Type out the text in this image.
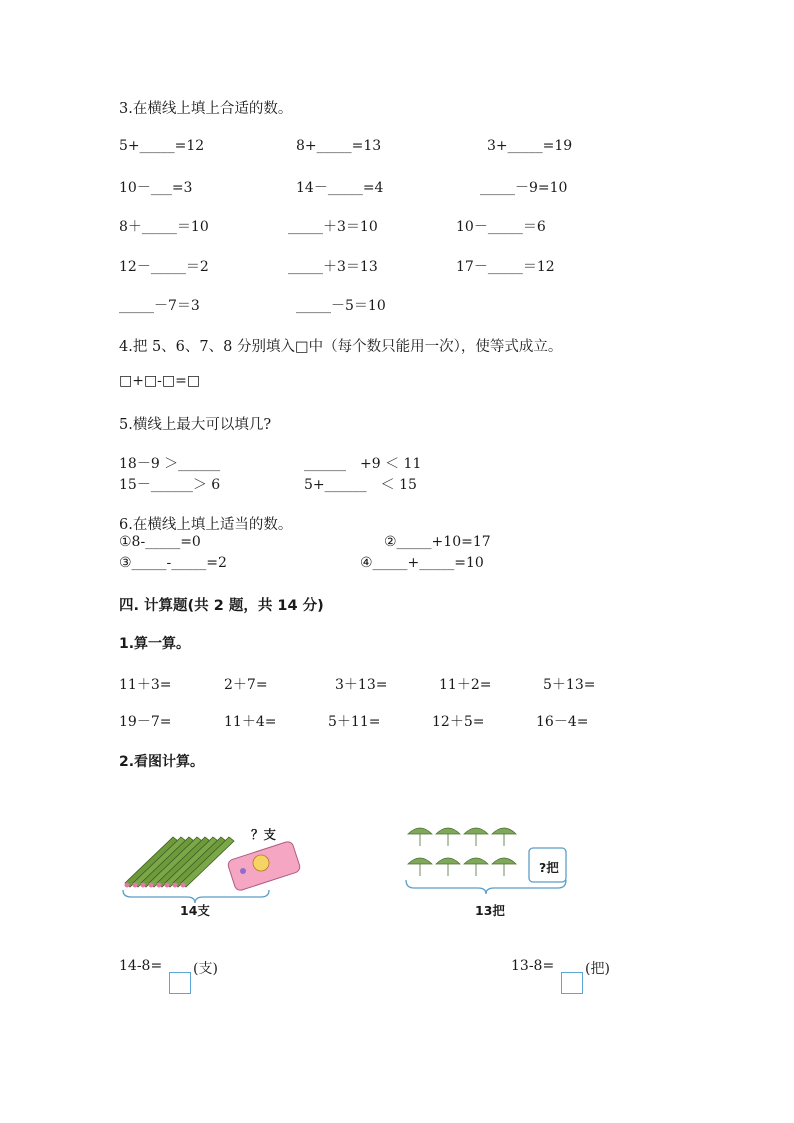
3.在横线上填上合适的数。
5+_____=12	8+_____=13	3+_____=19
10－___=3	14－_____=4	_____－9=10
8＋_____＝10	_____＋3＝10	10－_____＝6
12－_____＝2	_____＋3＝13	17－_____＝12
_____－7＝3	_____－5＝10
4.把 5、6、7、8 分别填入□中（每个数只能用一次），使等式成立。
□+□-□=□
5.横线上最大可以填几?
18－9 ＞______	______　+9 ＜ 11
15－______＞ 6	5+______　＜ 15
6.在横线上填上适当的数。
①8-_____=0	②_____+10=17
③_____-_____=2	④_____+_____=10
四. 计算题(共 2 题，共 14 分)
1.算一算。
11＋3=	2＋7=	3＋13=	11＋2=	5＋13=
19－7=	11＋4=	5＋11=	12＋5=	16－4=
2.看图计算。
？支
14支
?把
13把
14-8= (支)	13-8= (把)
